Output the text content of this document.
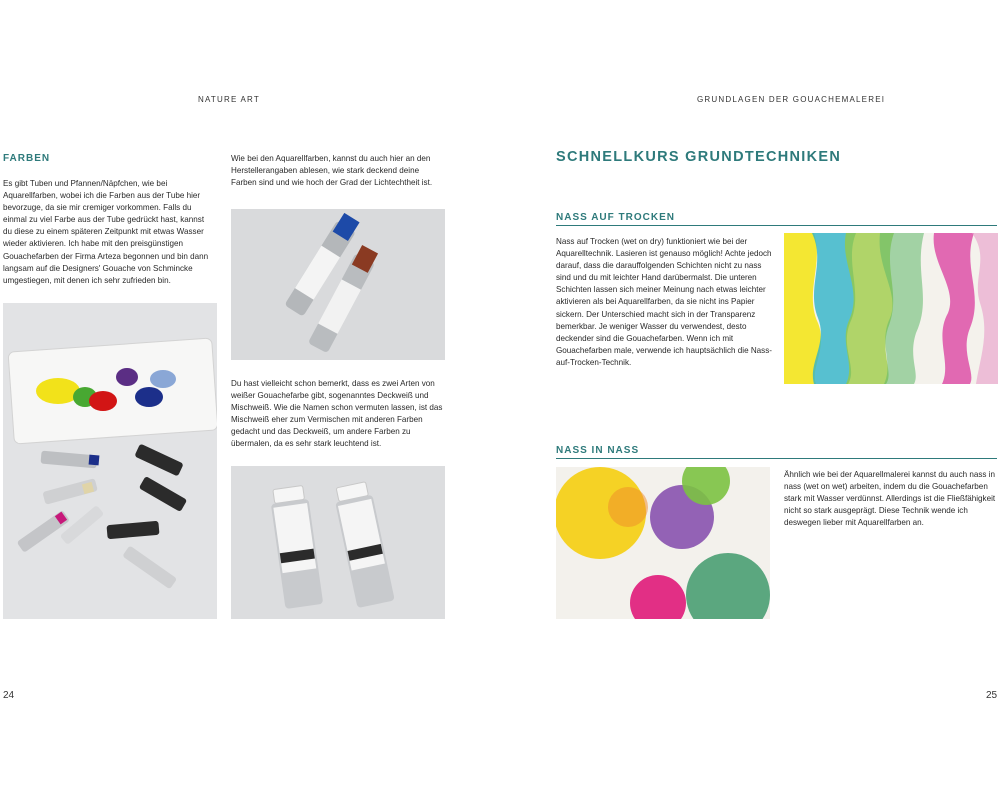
NATURE ART
FARBEN

Es gibt Tuben und Pfannen/Näpfchen, wie bei Aquarellfarben, wobei ich die Farben aus der Tube hier bevorzuge, da sie mir cremiger vorkommen. Falls du einmal zu viel Farbe aus der Tube gedrückt hast, kannst du diese zu einem späteren Zeitpunkt mit etwas Wasser wieder aktivieren. Ich habe mit den preisgünstigen Gouachefarben der Firma Arteza begonnen und bin dann langsam auf die Designers' Gouache von Schmincke umgestiegen, mit denen ich sehr zufrieden bin.

Wie bei den Aquarellfarben, kannst du auch hier an den Herstellerangaben ablesen, wie stark deckend deine Farben sind und wie hoch der Grad der Lichtechtheit ist.

Du hast vielleicht schon bemerkt, dass es zwei Arten von weißer Gouachefarbe gibt, sogenanntes Deckweiß und Mischweiß. Wie die Namen schon vermuten lassen, ist das Mischweiß eher zum Vermischen mit anderen Farben gedacht und das Deckweiß, um andere Farben zu übermalen, da es sehr stark leuchtend ist.

24
GRUNDLAGEN DER GOUACHEMALEREI
SCHNELLKURS GRUNDTECHNIKEN
NASS AUF TROCKEN

Nass auf Trocken (wet on dry) funktioniert wie bei der Aquarelltechnik. Lasieren ist genauso möglich! Achte jedoch darauf, dass die darauffolgenden Schichten nicht zu nass sind und du mit leichter Hand darübermalst. Die unteren Schichten lassen sich meiner Meinung nach etwas leichter aktivieren als bei Aquarellfarben, da sie nicht ins Papier sickern. Der Unterschied macht sich in der Transparenz bemerkbar. Je weniger Wasser du verwendest, desto deckender sind die Gouachefarben. Wenn ich mit Gouachefarben male, verwende ich hauptsächlich die Nass-auf-Trocken-Technik.

NASS IN NASS

Ähnlich wie bei der Aquarellmalerei kannst du auch nass in nass (wet on wet) arbeiten, indem du die Gouachefarben stark mit Wasser verdünnst. Allerdings ist die Fließfähigkeit nicht so stark ausgeprägt. Diese Technik wende ich deswegen lieber mit Aquarellfarben an.

25
